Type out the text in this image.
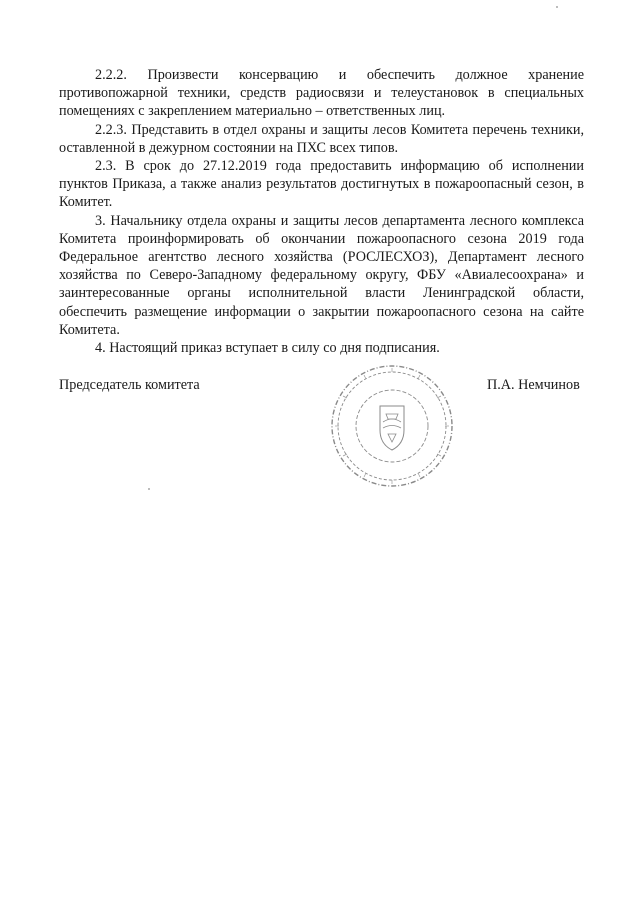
2.2.2. Произвести консервацию и обеспечить должное хранение противопожарной техники, средств радиосвязи и телеустановок в специальных помещениях с закреплением материально – ответственных лиц.

2.2.3. Представить в отдел охраны и защиты лесов Комитета перечень техники, оставленной в дежурном состоянии на ПХС всех типов.

2.3. В срок до 27.12.2019 года предоставить информацию об исполнении пунктов Приказа, а также анализ результатов достигнутых в пожароопасный сезон, в Комитет.

3. Начальнику отдела охраны и защиты лесов департамента лесного комплекса Комитета проинформировать об окончании пожароопасного сезона 2019 года Федеральное агентство лесного хозяйства (РОСЛЕСХОЗ), Департамент лесного хозяйства по Северо-Западному федеральному округу, ФБУ «Авиалесоохрана» и заинтересованные органы исполнительной власти Ленинградской области, обеспечить размещение информации о закрытии пожароопасного сезона на сайте Комитета.

4. Настоящий приказ вступает в силу со дня подписания.

Председатель комитета	П.А. Немчинов
